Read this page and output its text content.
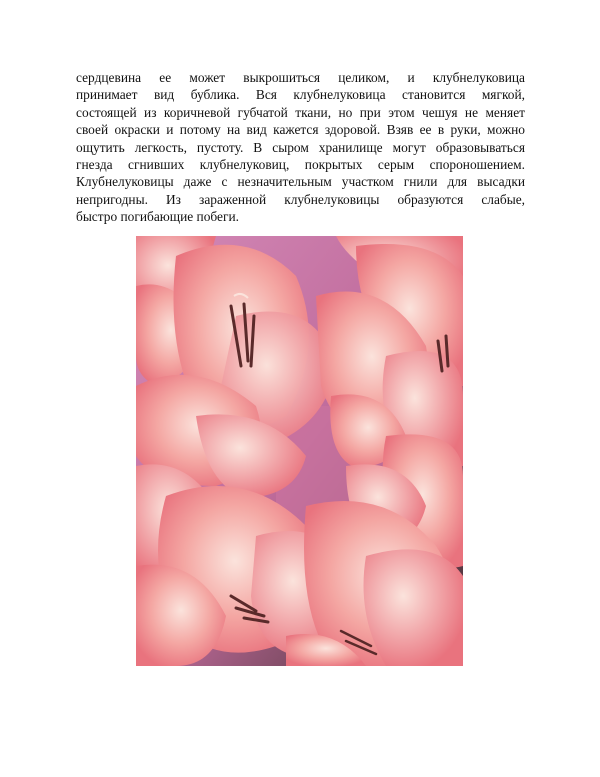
сердцевина ее может выкрошиться целиком, и клубнелуковица
принимает вид бублика. Вся клубнелуковица становится мягкой,
состоящей из коричневой губчатой ткани, но при этом чешуя не меняет
своей окраски и потому на вид кажется здоровой. Взяв ее в руки, можно
ощутить легкость, пустоту. В сыром хранилище могут образовываться
гнезда сгнивших клубнелуковиц, покрытых серым спороношением.
Клубнелуковицы даже с незначительным участком гнили для высадки
непригодны. Из зараженной клубнелуковицы образуются слабые,
быстро погибающие побеги.
